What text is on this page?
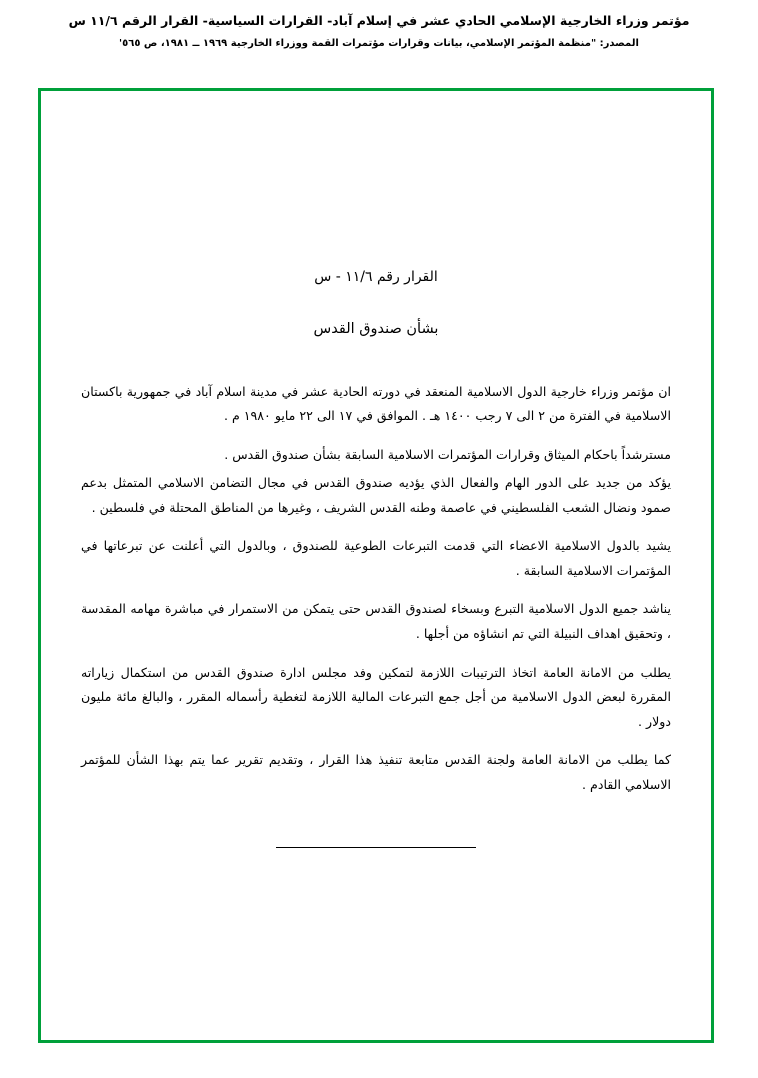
مؤتمر وزراء الخارجية الإسلامي الحادي عشر في إسلام آباد- القرارات السياسية- القرار الرقم ١١/٦ س
المصدر: "منظمة المؤتمر الإسلامي، بيانات وقرارات مؤتمرات القمة ووزراء الخارجية ١٩٦٩ ــ ١٩٨١، ص ٥٦٥'
القرار رقم ١١/٦ - س
بشأن صندوق القدس

ان مؤتمر وزراء خارجية الدول الاسلامية المنعقد في دورته الحادية عشر في مدينة اسلام آباد في جمهورية باكستان الاسلامية في الفترة من ٢ الى ٧ رجب ١٤٠٠ هـ . الموافق في ١٧ الى ٢٢ مايو ١٩٨٠ م .

مسترشداً باحكام الميثاق وقرارات المؤتمرات الاسلامية السابقة بشأن صندوق القدس .

يؤكد من جديد على الدور الهام والفعال الذي يؤديه صندوق القدس في مجال التضامن الاسلامي المتمثل بدعم صمود ونضال الشعب الفلسطيني في عاصمة وطنه القدس الشريف ، وغيرها من المناطق المحتلة في فلسطين .

يشيد بالدول الاسلامية الاعضاء التي قدمت التبرعات الطوعية للصندوق ، وبالدول التي أعلنت عن تبرعاتها في المؤتمرات الاسلامية السابقة .

يناشد جميع الدول الاسلامية التبرع وبسخاء لصندوق القدس حتى يتمكن من الاستمرار في مباشرة مهامه المقدسة ، وتحقيق اهداف النبيلة التي تم انشاؤه من أجلها .

يطلب من الامانة العامة اتخاذ الترتيبات اللازمة لتمكين وفد مجلس ادارة صندوق القدس من استكمال زياراته المقررة لبعض الدول الاسلامية من أجل جمع التبرعات المالية اللازمة لتغطية رأسماله المقرر ، والبالغ مائة مليون دولار .

كما يطلب من الامانة العامة ولجنة القدس متابعة تنفيذ هذا القرار ، وتقديم تقرير عما يتم بهذا الشأن للمؤتمر الاسلامي القادم .
